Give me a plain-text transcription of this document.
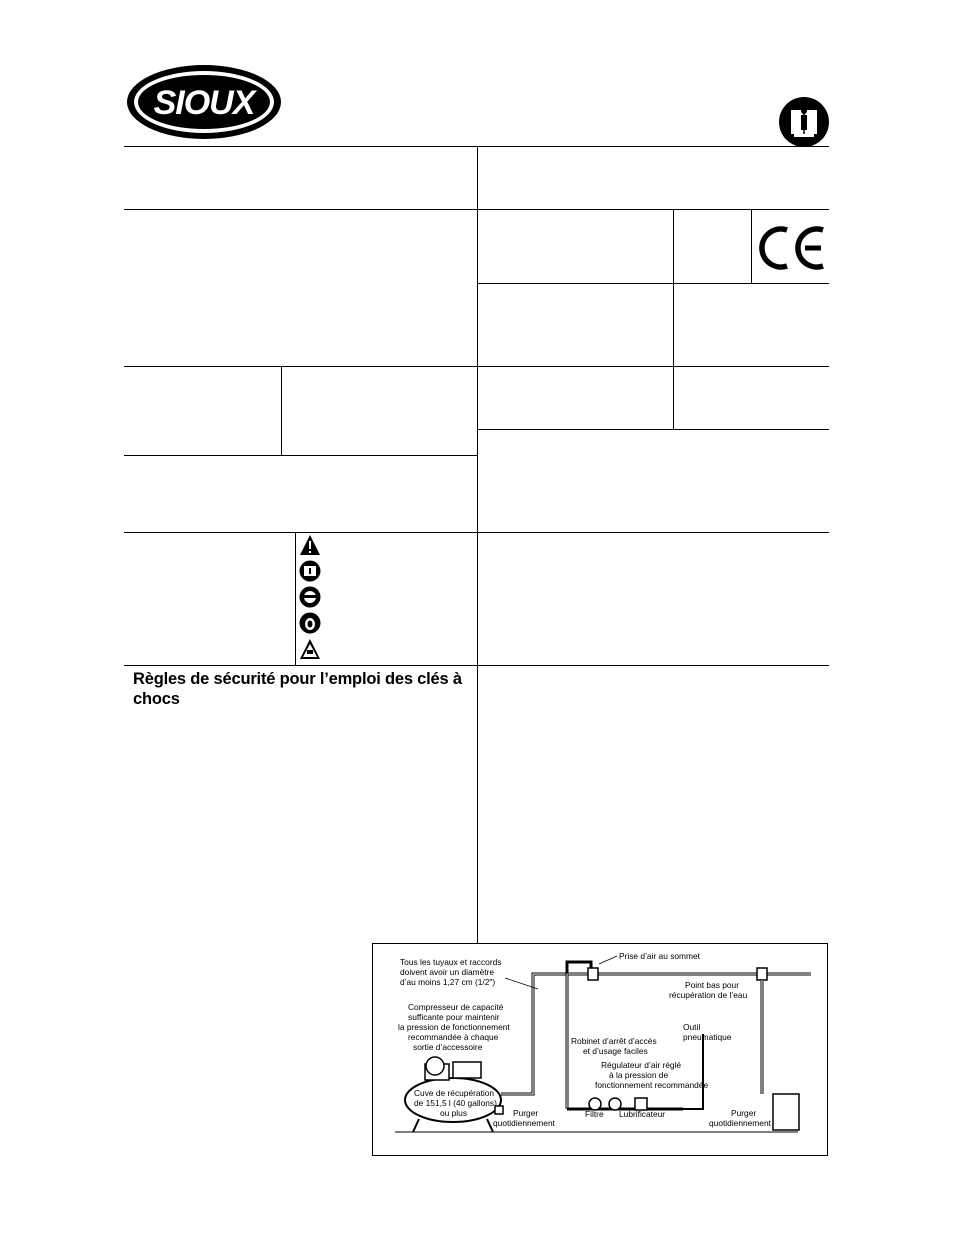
SIOUX
Règles de sécurité pour l’emploi des clés à
chocs
Tous les tuyaux et raccords
doivent avoir un diamètre
d’au moins 1,27 cm (1/2")
Compresseur de capacité
sufficante pour maintenir
la pression de fonctionnement
recommandée à chaque
sortie d’accessoire
Cuve de récupération
de 151,5 l (40 gallons)
ou plus	Purger
quotidiennement
Prise d’air au sommet
Point bas pour
récupération de l’eau
Robinet d’arrêt d’accès
et d’usage faciles
Outil
pneumatique
Régulateur d’air réglé
à la pression de
fonctionnement recommandée
Filtre Lubrificateur	Purger
quotidiennement
